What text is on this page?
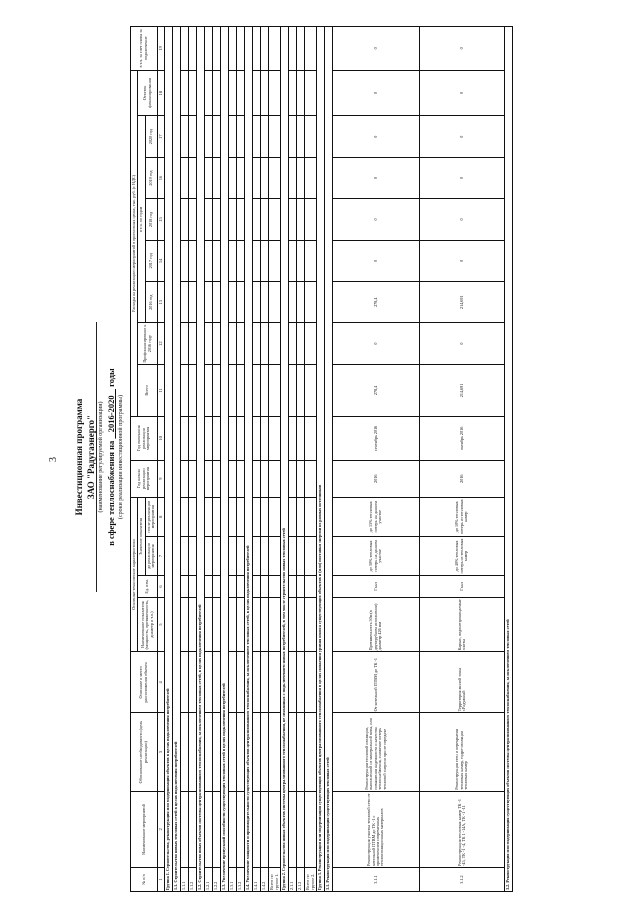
3 Инвестиционная программа ЗАО "Радугаэнерго" (наименование регулируемой организации) в сфере теплоснабжения на    2016-2020    годы
(сроки реализации инвестиционной программы)
№ п/п	Наименование мероприятий	Обоснование необходимости (цель реализации)	Описание и место расположения объекта	Основные технические характеристики				Год начала реализации мероприятия	Год окончания реализации мероприятия	Расходы на реализацию мероприятий в прогнозных ценах, тыс. руб. (с НДС)								в т.ч. за счет платы за подключение
				Наименование показателя (мощность, протяженность, диаметр и т.п.)	Ед. изм.	Значение показателя				Всего	Профинансировано к 2016 году	в т.ч. по годам					Остаток финансирования	
						до реализации мероприятия	после реализации мероприятия					2016 год	2017 год	2018 год	2019 год	2020 год		
1	2	3	4	5	6	7	8	9	10	11	12	13	14	15	16	17	18	19
Группа 1. Строительство, реконструкция или модернизация объектов в целях подключения потребителей																		
1.1. Строительство новых тепловых сетей в целях подключения потребителей																		
1.1.1																		
1.1.2																		
1.2. Строительство иных объектов системы централизованного теплоснабжения, за исключением тепловых сетей, в целях подключения потребителей																		
1.2.1																		
1.2.2																		
1.3. Увеличение пропускной способности существующих тепловых сетей в целях подключения потребителей																		
1.3.1																		
1.3.2																		
1.4. Увеличение мощности и производительности существующих объектов централизованного теплоснабжения, за исключением тепловых сетей, в целях подключения потребителей																		
1.4.1																		
1.4.2																		
Всего по группе 1.																		
Группа 2. Строительство новых объектов системы централизованного теплоснабжения, не связанных с подключением новых потребителей, в том числе строительство новых тепловых сетей																		
2.1.1																		
2.1.2																		
Всего по группе 2.																		
Группа 3. Реконструкция или модернизация существующих объектов централизованного теплоснабжения в целях снижения уровня износа существующих объектов и (или) поставки энергии из разных источников																		
3.1. Реконструкция или модернизация существующих тепловых сетей																		
3.1.1	Реконструкция участка тепловой сети от котельной ПТВМ до ТК -1 с применением современных теплоизоляционных материалов	Реконструкция тепловой изоляции, выполненной из минеральной ваты, или повышения надежности и качества теплоснабжения, снижение потерь тепловой энергии при ее передаче	От котельной ПТВМ до ТК -1	Протяженность 50м (в двухтрубном исполнении) диаметр 426 мм	Гкал	до 30% тепловых потерь на данном участке	до 15% тепловых потерь на данном участке	2016	сентябрь 2016	278,4	0	278,4	0	0	0	0	0	0
3.1.2	Реконструкция тепловых камер ТК -1 -45, ТК -1 -4, ТК 1 -14А, ТК -1 -11	Реконструкция стен и перекрытия тепловых камер, гидро-изоляции тепловых камер	Территория жилой зоны г.Радужный	Каркас, водонепроницаемые плиты	Гкал	до 40% тепловых потерь из тепловых камер	до 10% тепловых потерь из тепловых камер	2016	октябрь 2016	214,691	0	214,691	0	0	0	0	0	0
3.2. Реконструкция или модернизация существующих объектов системы централизованного теплоснабжения, за исключением тепловых сетей																		
